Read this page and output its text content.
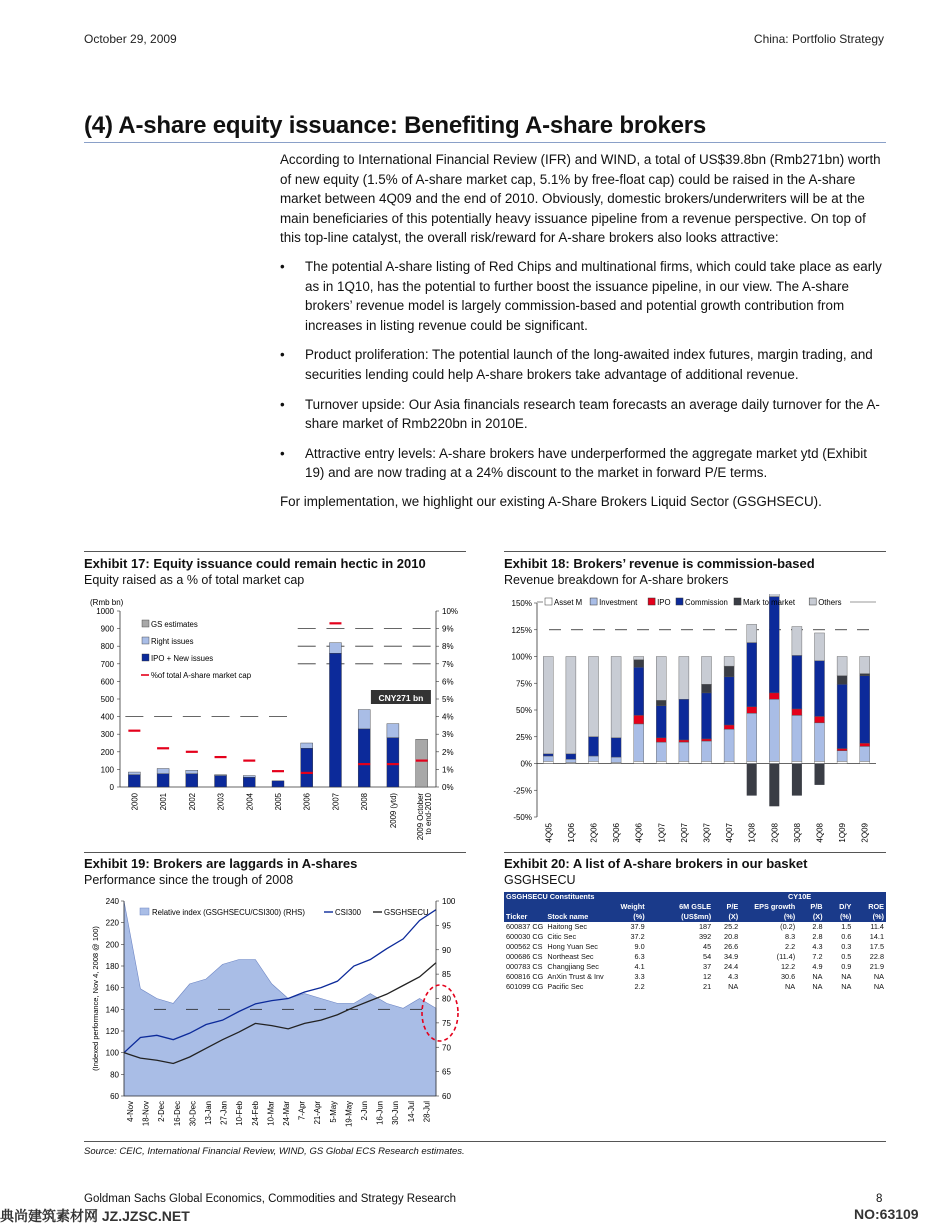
October 29, 2009	China: Portfolio Strategy
(4) A-share equity issuance: Benefiting A-share brokers

According to International Financial Review (IFR) and WIND, a total of US$39.8bn (Rmb271bn) worth of new equity (1.5% of A-share market cap, 5.1% by free-float cap) could be raised in the A-share market between 4Q09 and the end of 2010. Obviously, domestic brokers/underwriters will be at the main beneficiaries of this potentially heavy issuance pipeline from a revenue perspective. On top of this top-line catalyst, the overall risk/reward for A-share brokers also looks attractive:

• The potential A-share listing of Red Chips and multinational firms, which could take place as early as in 1Q10, has the potential to further boost the issuance pipeline, in our view. The A-share brokers’ revenue model is largely commission-based and potential growth contribution from increases in listing revenue could be significant.
• Product proliferation: The potential launch of the long-awaited index futures, margin trading, and securities lending could help A-share brokers take advantage of additional revenue.
• Turnover upside: Our Asia financials research team forecasts an average daily turnover for the A-share market of Rmb220bn in 2010E.
• Attractive entry levels: A-share brokers have underperformed the aggregate market ytd (Exhibit 19) and are now trading at a 24% discount to the market in forward P/E terms.

For implementation, we highlight our existing A-Share Brokers Liquid Sector (GSGHSECU).

Exhibit 17: Equity issuance could remain hectic in 2010
Equity raised as a % of total market cap
Exhibit 18: Brokers’ revenue is commission-based
Revenue breakdown for A-share brokers
Exhibit 19: Brokers are laggards in A-shares
Performance since the trough of 2008
Exhibit 20: A list of A-share brokers in our basket
GSGHSECU
(Rmb bn)
0
100
200
300
400
500
600
700
800
900
1000
0%
1%
2%
3%
4%
5%
6%
7%
8%
9%
10%
2000	2001	2002	2003	2004	2005	2006	2007	2008	2009 (ytd) 2009 Octoberto end-2010
CNY271 bn
GS estimates
Right issues
IPO + New issues
%of total A-share market cap
-50%
-25%
0%
25%
50%
75%
100%
125%
150%
4Q05 1Q06 2Q06 3Q06 4Q06 1Q07 2Q07 3Q07 4Q07 1Q08 2Q08 3Q08 4Q08 1Q09 2Q09
Asset M Investment	IPO Commission Mark to market	Others
(Indexed performance, Nov 4, 2008 @ 100)
60
80
100
120
140
160
180
200
220
240
60
65
70
75
80
85
90
95
100
4-Nov 18-Nov 2-Dec 16-Dec 30-Dec 13-Jan 27-Jan 10-Feb 24-Feb 10-Mar 24-Mar 7-Apr 21-Apr 5-May 19-May 2-Jun 16-Jun 30-Jun 14-Jul 28-Jul
Relative index (GSGHSECU/CSI300) (RHS)	CSI300	GSGHSECU
GSGHSECU Constituents				CY10E				
Ticker	Stock name	Weight (%)	6M GSLE (US$mn)	P/E (X)	EPS growth (%)	P/B (X)	D/Y (%)	ROE (%)
600837 CG	Haitong Sec	37.9	187	25.2	(0.2)	2.8	1.5	11.4
600030 CG	Citic Sec	37.2	392	20.8	8.3	2.8	0.6	14.1
000562 CS	Hong Yuan Sec	9.0	45	26.6	2.2	4.3	0.3	17.5
000686 CS	Northeast Sec	6.3	54	34.9	(11.4)	7.2	0.5	22.8
000783 CS	Changjiang Sec	4.1	37	24.4	12.2	4.9	0.9	21.9
600816 CG	AnXin Trust & Inv	3.3	12	4.3	30.6	NA	NA	NA
601099 CG	Pacific Sec	2.2	21	NA	NA	NA	NA	NA
Source: CEIC, International Financial Review, WIND, GS Global ECS Research estimates.
Goldman Sachs Global Economics, Commodities and Strategy Research	8
典尚建筑素材网 JZ.JZSC.NET	NO:63109
